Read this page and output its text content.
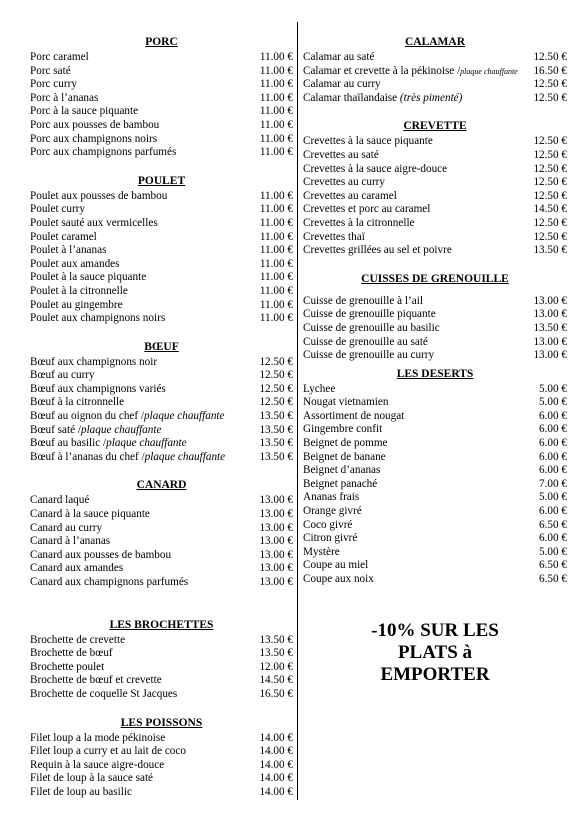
PORC
Porc caramel	11.00 €
Porc saté	11.00 €
Porc curry	11.00 €
Porc à l’ananas	11.00 €
Porc à la sauce piquante	11.00 €
Porc aux pousses de bambou	11.00 €
Porc aux champignons noirs	11.00 €
Porc aux champignons parfumés	11.00 €
POULET
Poulet aux pousses de bambou	11.00 €
Poulet curry	11.00 €
Poulet sauté aux vermicelles	11.00 €
Poulet caramel	11.00 €
Poulet à l’ananas	11.00 €
Poulet aux amandes	11.00 €
Poulet à la sauce piquante	11.00 €
Poulet à la citronnelle	11.00 €
Poulet au gingembre	11.00 €
Poulet aux champignons noirs	11.00 €
BŒUF
Bœuf aux champignons noir	12.50 €
Bœuf au curry	12.50 €
Bœuf aux champignons variés	12.50 €
Bœuf à la citronnelle	12.50 €
Bœuf au oignon du chef /plaque chauffante	13.50 €
Bœuf saté /plaque chauffante	13.50 €
Bœuf au basilic /plaque chauffante	13.50 €
Bœuf à l’ananas du chef /plaque chauffante	13.50 €
CANARD
Canard laqué	13.00 €
Canard à la sauce piquante	13.00 €
Canard au curry	13.00 €
Canard à l’ananas	13.00 €
Canard aux pousses de bambou	13.00 €
Canard aux amandes	13.00 €
Canard aux champignons parfumés	13.00 €
LES BROCHETTES
Brochette de crevette	13.50 €
Brochette de bœuf	13.50 €
Brochette poulet	12.00 €
Brochette de bœuf et crevette	14.50 €
Brochette de coquelle St Jacques	16.50 €
LES POISSONS
Filet loup a la mode pékinoise	14.00 €
Filet loup a curry et au lait de coco	14.00 €
Requin à la sauce aigre-douce	14.00 €
Filet de loup à la sauce saté	14.00 €
Filet de loup au basilic	14.00 €
CALAMAR
Calamar au saté	12.50 €
Calamar et crevette à la pékinoise /plaque chauffante	16.50 €
Calamar au curry	12.50 €
Calamar thaïlandaise (très pimenté)	12.50 €
CREVETTE
Crevettes à la sauce piquante	12.50 €
Crevettes au saté	12.50 €
Crevettes à la sauce aigre-douce	12.50 €
Crevettes au curry	12.50 €
Crevettes au caramel	12.50 €
Crevettes et porc au caramel	14.50 €
Crevettes à la citronnelle	12.50 €
Crevettes thaï	12.50 €
Crevettes grillées au sel et poivre	13.50 €
CUISSES DE GRENOUILLE
Cuisse de grenouille à l’ail	13.00 €
Cuisse de grenouille piquante	13.00 €
Cuisse de grenouille au basilic	13.50 €
Cuisse de grenouille au saté	13.00 €
Cuisse de grenouille au curry	13.00 €
LES DESERTS
Lychee	5.00 €
Nougat vietnamien	5.00 €
Assortiment de nougat	6.00 €
Gingembre confit	6.00 €
Beignet de pomme	6.00 €
Beignet de banane	6.00 €
Beignet d’ananas	6.00 €
Beignet panaché	7.00 €
Ananas frais	5.00 €
Orange givré	6.00 €
Coco givré	6.50 €
Citron givré	6.00 €
Mystère	5.00 €
Coupe au miel	6.50 €
Coupe aux noix	6.50 €
-10% SUR LES
PLATS à
EMPORTER
